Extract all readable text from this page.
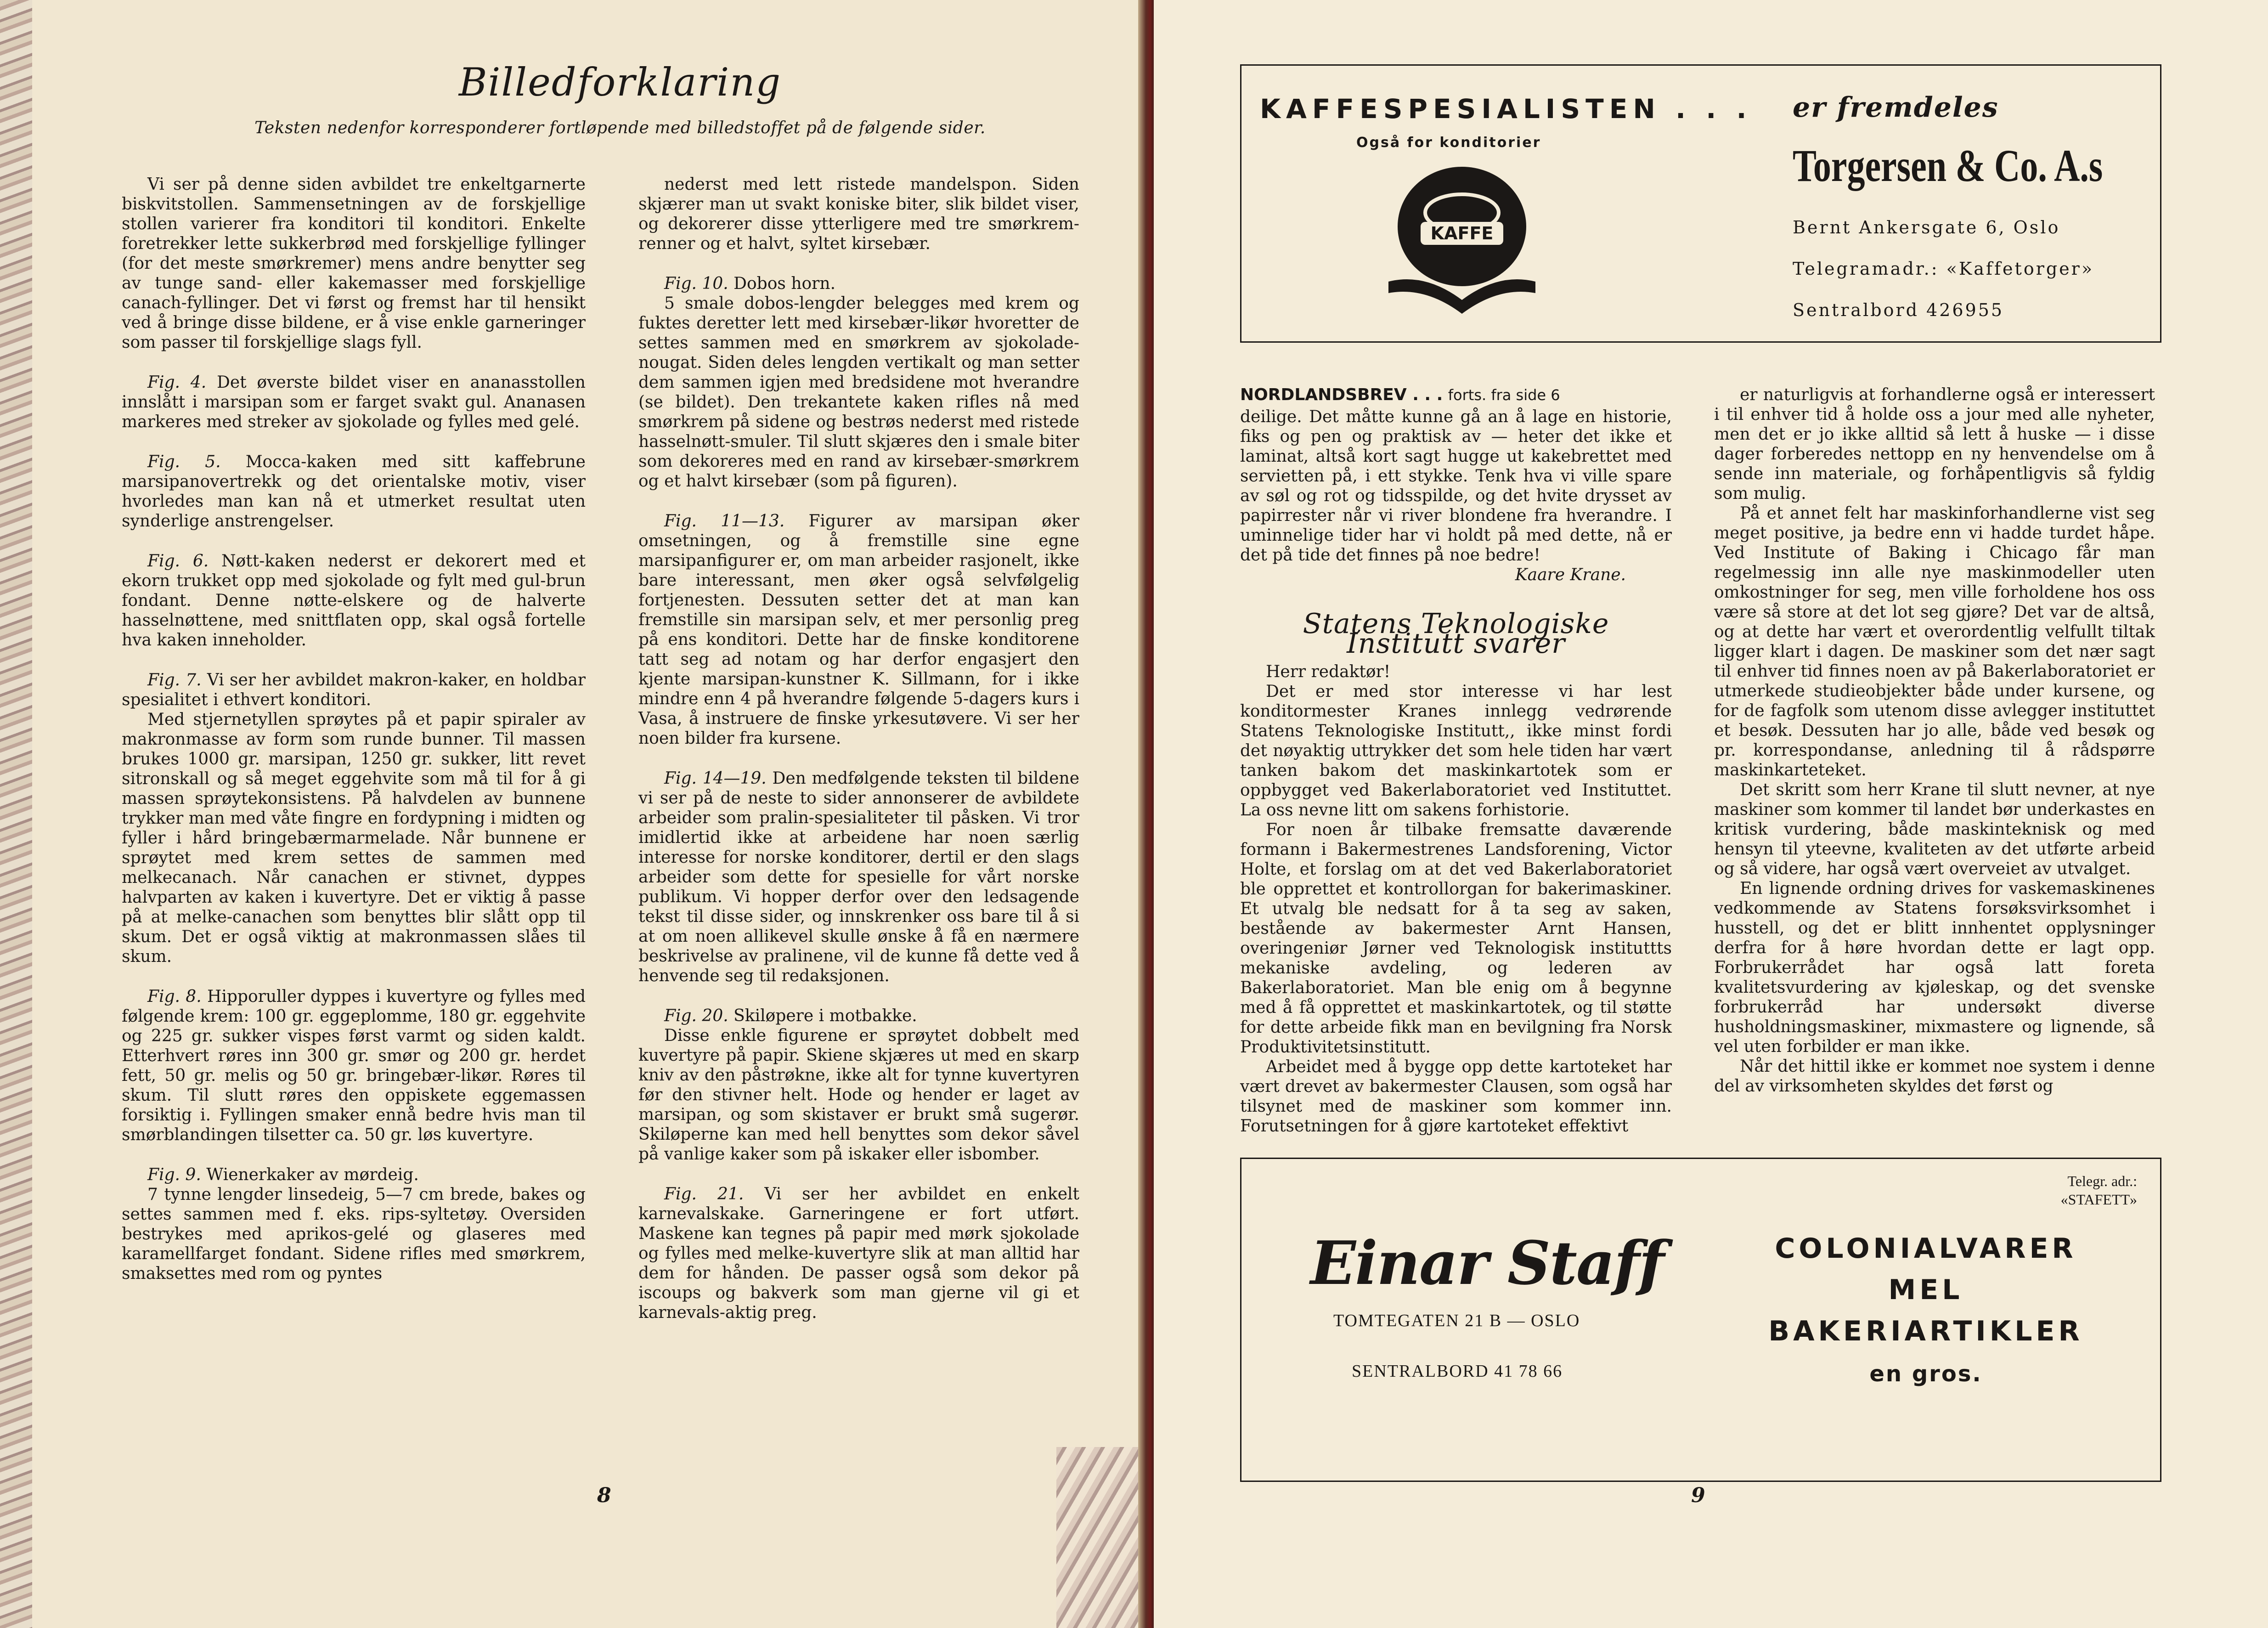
Billedforklaring
Teksten nedenfor korresponderer fortløpende med billedstoffet på de følgende sider.

Vi ser på denne siden avbildet tre enkeltgarnerte biskvitstollen. Sammensetningen av de forskjellige stollen varierer fra konditori til konditori. Enkelte foretrekker lette sukkerbrød med forskjellige fyllinger (for det meste smørkremer) mens andre benytter seg av tunge sand- eller kakemasser med forskjellige canach-fyllinger. Det vi først og fremst har til hensikt ved å bringe disse bildene, er å vise enkle garneringer som passer til forskjellige slags fyll.

Fig. 4. Det øverste bildet viser en ananasstollen innslått i marsipan som er farget svakt gul. Ananasen markeres med streker av sjokolade og fylles med gelé.

Fig. 5. Mocca-kaken med sitt kaffebrune marsipanovertrekk og det orientalske motiv, viser hvorledes man kan nå et utmerket resultat uten synderlige anstrengelser.

Fig. 6. Nøtt-kaken nederst er dekorert med et ekorn trukket opp med sjokolade og fylt med gul-brun fondant. Denne nøtte-elskere og de halverte hasselnøttene, med snittflaten opp, skal også fortelle hva kaken inneholder.

Fig. 7. Vi ser her avbildet makron-kaker, en holdbar spesialitet i ethvert konditori.

Med stjernetyllen sprøytes på et papir spiraler av makronmasse av form som runde bunner. Til massen brukes 1000 gr. marsipan, 1250 gr. sukker, litt revet sitronskall og så meget eggehvite som må til for å gi massen sprøytekonsistens. På halvdelen av bunnene trykker man med våte fingre en fordypning i midten og fyller i hård bringebærmarmelade. Når bunnene er sprøytet med krem settes de sammen med melkecanach. Når canachen er stivnet, dyppes halvparten av kaken i kuvertyre. Det er viktig å passe på at melke-canachen som benyttes blir slått opp til skum. Det er også viktig at makronmassen slåes til skum.

Fig. 8. Hipporuller dyppes i kuvertyre og fylles med følgende krem: 100 gr. eggeplomme, 180 gr. eggehvite og 225 gr. sukker vispes først varmt og siden kaldt. Etterhvert røres inn 300 gr. smør og 200 gr. herdet fett, 50 gr. melis og 50 gr. bringebær-likør. Røres til skum. Til slutt røres den oppiskete eggemassen forsiktig i. Fyllingen smaker ennå bedre hvis man til smørblandingen tilsetter ca. 50 gr. løs kuvertyre.

Fig. 9. Wienerkaker av mørdeig.

7 tynne lengder linsedeig, 5—7 cm brede, bakes og settes sammen med f. eks. rips-syltetøy. Oversiden bestrykes med aprikos-gelé og glaseres med karamellfarget fondant. Sidene rifles med smørkrem, smaksettes med rom og pyntes

nederst med lett ristede mandelspon. Siden skjærer man ut svakt koniske biter, slik bildet viser, og dekorerer disse ytterligere med tre smørkrem-renner og et halvt, syltet kirsebær.

Fig. 10. Dobos horn.

5 smale dobos-lengder belegges med krem og fuktes deretter lett med kirsebær-likør hvoretter de settes sammen med en smørkrem av sjokolade-nougat. Siden deles lengden vertikalt og man setter dem sammen igjen med bredsidene mot hverandre (se bildet). Den trekantete kaken rifles nå med smørkrem på sidene og bestrøs nederst med ristede hasselnøtt-smuler. Til slutt skjæres den i smale biter som dekoreres med en rand av kirsebær-smørkrem og et halvt kirsebær (som på figuren).

Fig. 11—13. Figurer av marsipan øker omsetningen, og å fremstille sine egne marsipanfigurer er, om man arbeider rasjonelt, ikke bare interessant, men øker også selvfølgelig fortjenesten. Dessuten setter det at man kan fremstille sin marsipan selv, et mer personlig preg på ens konditori. Dette har de finske konditorene tatt seg ad notam og har derfor engasjert den kjente marsipan-kunstner K. Sillmann, for i ikke mindre enn 4 på hverandre følgende 5-dagers kurs i Vasa, å instruere de finske yrkesutøvere. Vi ser her noen bilder fra kursene.

Fig. 14—19. Den medfølgende teksten til bildene vi ser på de neste to sider annonserer de avbildete arbeider som pralin-spesialiteter til påsken. Vi tror imidlertid ikke at arbeidene har noen særlig interesse for norske konditorer, dertil er den slags arbeider som dette for spesielle for vårt norske publikum. Vi hopper derfor over den ledsagende tekst til disse sider, og innskrenker oss bare til å si at om noen allikevel skulle ønske å få en nærmere beskrivelse av pralinene, vil de kunne få dette ved å henvende seg til redaksjonen.

Fig. 20. Skiløpere i motbakke.

Disse enkle figurene er sprøytet dobbelt med kuvertyre på papir. Skiene skjæres ut med en skarp kniv av den påstrøkne, ikke alt for tynne kuvertyren før den stivner helt. Hode og hender er laget av marsipan, og som skistaver er brukt små sugerør. Skiløperne kan med hell benyttes som dekor såvel på vanlige kaker som på iskaker eller isbomber.

Fig. 21. Vi ser her avbildet en enkelt karnevalskake. Garneringene er fort utført. Maskene kan tegnes på papir med mørk sjokolade og fylles med melke-kuvertyre slik at man alltid har dem for hånden. De passer også som dekor på iscoups og bakverk som man gjerne vil gi et karnevals-aktig preg.

8
KAFFESPESIALISTEN . . . er fremdeles
Også for konditorier
KAFFE
Torgersen & Co. A.s
Bernt Ankersgate 6, Oslo
Telegramadr.: «Kaffetorger»
Sentralbord 426955
NORDLANDSBREV . . . forts. fra side 6
deilige. Det måtte kunne gå an å lage en historie, fiks og pen og praktisk av — heter det ikke et laminat, altså kort sagt hugge ut kakebrettet med servietten på, i ett stykke. Tenk hva vi ville spare av søl og rot og tidsspilde, og det hvite drysset av papirrester når vi river blondene fra hverandre. I uminnelige tider har vi holdt på med dette, nå er det på tide det finnes på noe bedre!
Kaare Krane.
Statens Teknologiske Institutt svarer
Herr redaktør!

Det er med stor interesse vi har lest konditormester Kranes innlegg vedrørende Statens Teknologiske Institutt,, ikke minst fordi det nøyaktig uttrykker det som hele tiden har vært tanken bakom det maskinkartotek som er oppbygget ved Bakerlaboratoriet ved Instituttet. La oss nevne litt om sakens forhistorie.

For noen år tilbake fremsatte daværende formann i Bakermestrenes Landsforening, Victor Holte, et forslag om at det ved Bakerlaboratoriet ble opprettet et kontrollorgan for bakerimaskiner. Et utvalg ble nedsatt for å ta seg av saken, bestående av bakermester Arnt Hansen, overingeniør Jørner ved Teknologisk instituttts mekaniske avdeling, og lederen av Bakerlaboratoriet. Man ble enig om å begynne med å få opprettet et maskinkartotek, og til støtte for dette arbeide fikk man en bevilgning fra Norsk Produktivitetsinstitutt.

Arbeidet med å bygge opp dette kartoteket har vært drevet av bakermester Clausen, som også har tilsynet med de maskiner som kommer inn. Forutsetningen for å gjøre kartoteket effektivt

er naturligvis at forhandlerne også er interessert i til enhver tid å holde oss a jour med alle nyheter, men det er jo ikke alltid så lett å huske — i disse dager forberedes nettopp en ny henvendelse om å sende inn materiale, og forhåpentligvis så fyldig som mulig.

På et annet felt har maskinforhandlerne vist seg meget positive, ja bedre enn vi hadde turdet håpe. Ved Institute of Baking i Chicago får man regelmessig inn alle nye maskinmodeller uten omkostninger for seg, men ville forholdene hos oss være så store at det lot seg gjøre? Det var de altså, og at dette har vært et overordentlig velfullt tiltak ligger klart i dagen. De maskiner som det nær sagt til enhver tid finnes noen av på Bakerlaboratoriet er utmerkede studieobjekter både under kursene, og for de fagfolk som utenom disse avlegger instituttet et besøk. Dessuten har jo alle, både ved besøk og pr. korrespondanse, anledning til å rådspørre maskinkarteteket.

Det skritt som herr Krane til slutt nevner, at nye maskiner som kommer til landet bør underkastes en kritisk vurdering, både maskinteknisk og med hensyn til yteevne, kvaliteten av det utførte arbeid og så videre, har også vært overveiet av utvalget.

En lignende ordning drives for vaskemaskinenes vedkommende av Statens forsøksvirksomhet i husstell, og det er blitt innhentet opplysninger derfra for å høre hvordan dette er lagt opp. Forbrukerrådet har også latt foreta kvalitetsvurdering av kjøleskap, og det svenske forbrukerråd har undersøkt diverse husholdningsmaskiner, mixmastere og lignende, så vel uten forbilder er man ikke.

Når det hittil ikke er kommet noe system i denne del av virksomheten skyldes det først og

Einar Staff
TOMTEGATEN 21 B — OSLO
SENTRALBORD 41 78 66
Telegr. adr.:
«STAFETT»
COLONIALVARER
MEL
BAKERIARTIKLER
en gros.
9
